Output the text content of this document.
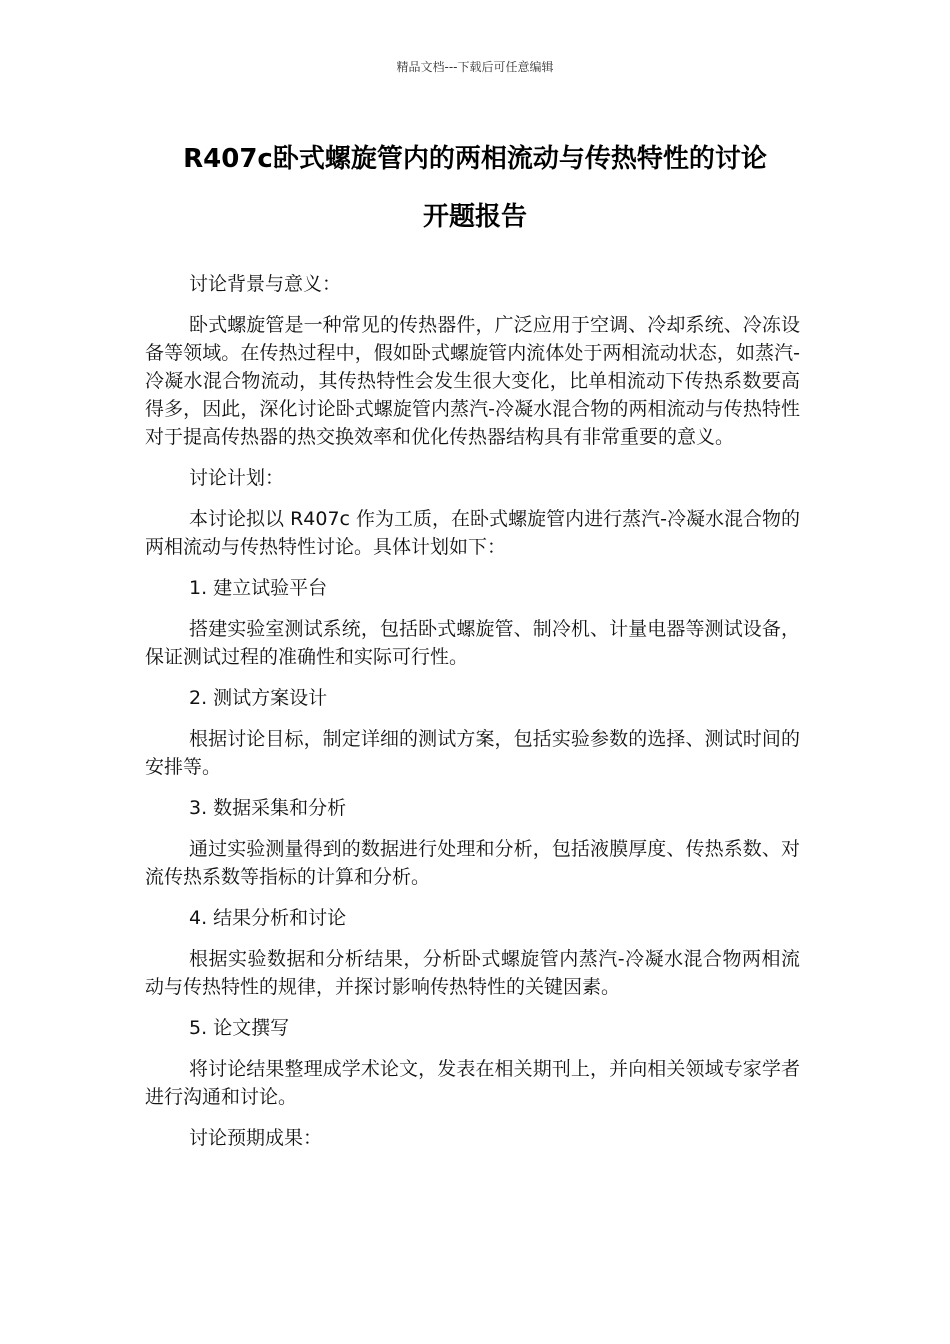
精品文档---下载后可任意编辑
R407c卧式螺旋管内的两相流动与传热特性的讨论
开题报告

讨论背景与意义：

卧式螺旋管是一种常见的传热器件，广泛应用于空调、冷却系统、冷冻设备等领域。在传热过程中，假如卧式螺旋管内流体处于两相流动状态，如蒸汽-冷凝水混合物流动，其传热特性会发生很大变化，比单相流动下传热系数要高得多，因此，深化讨论卧式螺旋管内蒸汽-冷凝水混合物的两相流动与传热特性对于提高传热器的热交换效率和优化传热器结构具有非常重要的意义。

讨论计划：

本讨论拟以 R407c 作为工质，在卧式螺旋管内进行蒸汽-冷凝水混合物的两相流动与传热特性讨论。具体计划如下：

1. 建立试验平台

搭建实验室测试系统，包括卧式螺旋管、制冷机、计量电器等测试设备，保证测试过程的准确性和实际可行性。

2. 测试方案设计

根据讨论目标，制定详细的测试方案，包括实验参数的选择、测试时间的安排等。

3. 数据采集和分析

通过实验测量得到的数据进行处理和分析，包括液膜厚度、传热系数、对流传热系数等指标的计算和分析。

4. 结果分析和讨论

根据实验数据和分析结果，分析卧式螺旋管内蒸汽-冷凝水混合物两相流动与传热特性的规律，并探讨影响传热特性的关键因素。

5. 论文撰写

将讨论结果整理成学术论文，发表在相关期刊上，并向相关领域专家学者进行沟通和讨论。

讨论预期成果：
